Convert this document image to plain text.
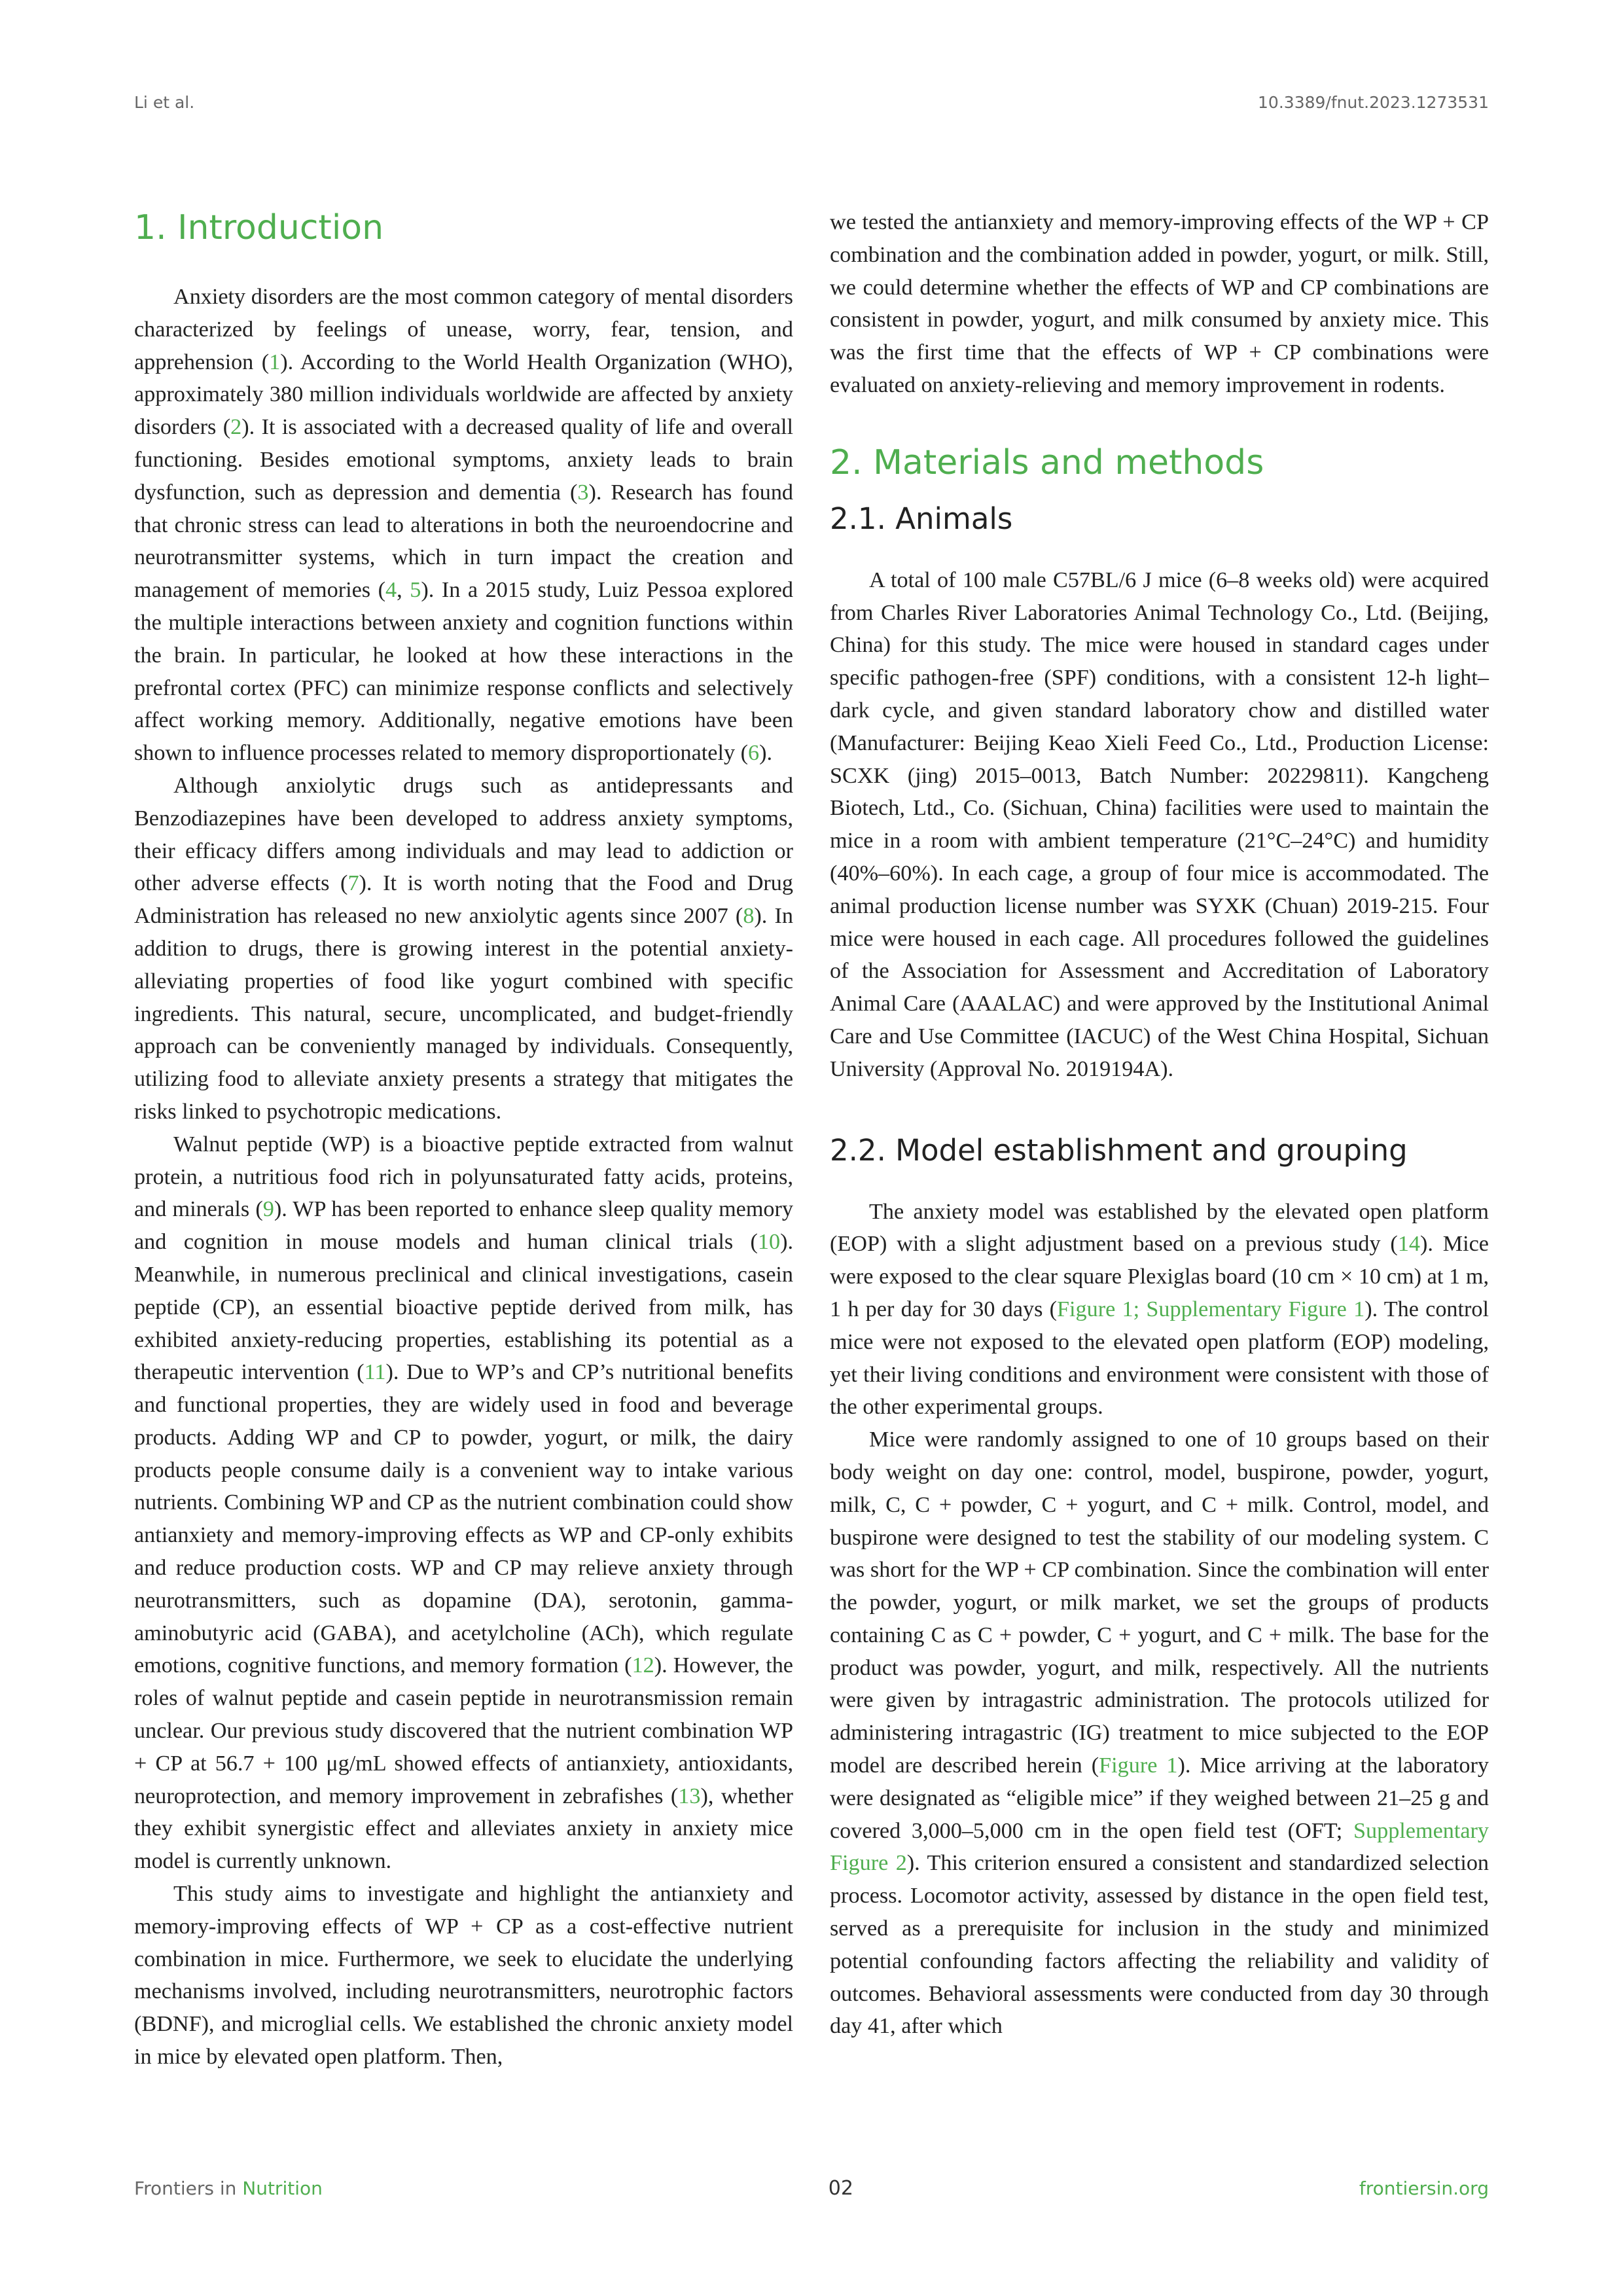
Li et al.	10.3389/fnut.2023.1273531
1. Introduction

Anxiety disorders are the most common category of mental disorders characterized by feelings of unease, worry, fear, tension, and apprehension (1). According to the World Health Organization (WHO), approximately 380 million individuals worldwide are affected by anxiety disorders (2). It is associated with a decreased quality of life and overall functioning. Besides emotional symptoms, anxiety leads to brain dysfunction, such as depression and dementia (3). Research has found that chronic stress can lead to alterations in both the neuroendocrine and neurotransmitter systems, which in turn impact the creation and management of memories (4, 5). In a 2015 study, Luiz Pessoa explored the multiple interactions between anxiety and cognition functions within the brain. In particular, he looked at how these interactions in the prefrontal cortex (PFC) can minimize response conflicts and selectively affect working memory. Additionally, negative emotions have been shown to influence processes related to memory disproportionately (6).

Although anxiolytic drugs such as antidepressants and Benzodiazepines have been developed to address anxiety symptoms, their efficacy differs among individuals and may lead to addiction or other adverse effects (7). It is worth noting that the Food and Drug Administration has released no new anxiolytic agents since 2007 (8). In addition to drugs, there is growing interest in the potential anxiety-alleviating properties of food like yogurt combined with specific ingredients. This natural, secure, uncomplicated, and budget-friendly approach can be conveniently managed by individuals. Consequently, utilizing food to alleviate anxiety presents a strategy that mitigates the risks linked to psychotropic medications.

Walnut peptide (WP) is a bioactive peptide extracted from walnut protein, a nutritious food rich in polyunsaturated fatty acids, proteins, and minerals (9). WP has been reported to enhance sleep quality memory and cognition in mouse models and human clinical trials (10). Meanwhile, in numerous preclinical and clinical investigations, casein peptide (CP), an essential bioactive peptide derived from milk, has exhibited anxiety-reducing properties, establishing its potential as a therapeutic intervention (11). Due to WP’s and CP’s nutritional benefits and functional properties, they are widely used in food and beverage products. Adding WP and CP to powder, yogurt, or milk, the dairy products people consume daily is a convenient way to intake various nutrients. Combining WP and CP as the nutrient combination could show antianxiety and memory-improving effects as WP and CP-only exhibits and reduce production costs. WP and CP may relieve anxiety through neurotransmitters, such as dopamine (DA), serotonin, gamma-aminobutyric acid (GABA), and acetylcholine (ACh), which regulate emotions, cognitive functions, and memory formation (12). However, the roles of walnut peptide and casein peptide in neurotransmission remain unclear. Our previous study discovered that the nutrient combination WP + CP at 56.7 + 100 μg/mL showed effects of antianxiety, antioxidants, neuroprotection, and memory improvement in zebrafishes (13), whether they exhibit synergistic effect and alleviates anxiety in anxiety mice model is currently unknown.

This study aims to investigate and highlight the antianxiety and memory-improving effects of WP + CP as a cost-effective nutrient combination in mice. Furthermore, we seek to elucidate the underlying mechanisms involved, including neurotransmitters, neurotrophic factors (BDNF), and microglial cells. We established the chronic anxiety model in mice by elevated open platform. Then,

we tested the antianxiety and memory-improving effects of the WP + CP combination and the combination added in powder, yogurt, or milk. Still, we could determine whether the effects of WP and CP combinations are consistent in powder, yogurt, and milk consumed by anxiety mice. This was the first time that the effects of WP + CP combinations were evaluated on anxiety-relieving and memory improvement in rodents.

2. Materials and methods
2.1. Animals

A total of 100 male C57BL/6 J mice (6–8 weeks old) were acquired from Charles River Laboratories Animal Technology Co., Ltd. (Beijing, China) for this study. The mice were housed in standard cages under specific pathogen-free (SPF) conditions, with a consistent 12-h light–dark cycle, and given standard laboratory chow and distilled water (Manufacturer: Beijing Keao Xieli Feed Co., Ltd., Production License: SCXK (jing) 2015–0013, Batch Number: 20229811). Kangcheng Biotech, Ltd., Co. (Sichuan, China) facilities were used to maintain the mice in a room with ambient temperature (21°C–24°C) and humidity (40%–60%). In each cage, a group of four mice is accommodated. The animal production license number was SYXK (Chuan) 2019-215. Four mice were housed in each cage. All procedures followed the guidelines of the Association for Assessment and Accreditation of Laboratory Animal Care (AAALAC) and were approved by the Institutional Animal Care and Use Committee (IACUC) of the West China Hospital, Sichuan University (Approval No. 2019194A).

2.2. Model establishment and grouping

The anxiety model was established by the elevated open platform (EOP) with a slight adjustment based on a previous study (14). Mice were exposed to the clear square Plexiglas board (10 cm × 10 cm) at 1 m, 1 h per day for 30 days (Figure 1; Supplementary Figure 1). The control mice were not exposed to the elevated open platform (EOP) modeling, yet their living conditions and environment were consistent with those of the other experimental groups.

Mice were randomly assigned to one of 10 groups based on their body weight on day one: control, model, buspirone, powder, yogurt, milk, C, C + powder, C + yogurt, and C + milk. Control, model, and buspirone were designed to test the stability of our modeling system. C was short for the WP + CP combination. Since the combination will enter the powder, yogurt, or milk market, we set the groups of products containing C as C + powder, C + yogurt, and C + milk. The base for the product was powder, yogurt, and milk, respectively. All the nutrients were given by intragastric administration. The protocols utilized for administering intragastric (IG) treatment to mice subjected to the EOP model are described herein (Figure 1). Mice arriving at the laboratory were designated as “eligible mice” if they weighed between 21–25 g and covered 3,000–5,000 cm in the open field test (OFT; Supplementary Figure 2). This criterion ensured a consistent and standardized selection process. Locomotor activity, assessed by distance in the open field test, served as a prerequisite for inclusion in the study and minimized potential confounding factors affecting the reliability and validity of outcomes. Behavioral assessments were conducted from day 30 through day 41, after which

Frontiers in Nutrition	02	frontiersin.org
